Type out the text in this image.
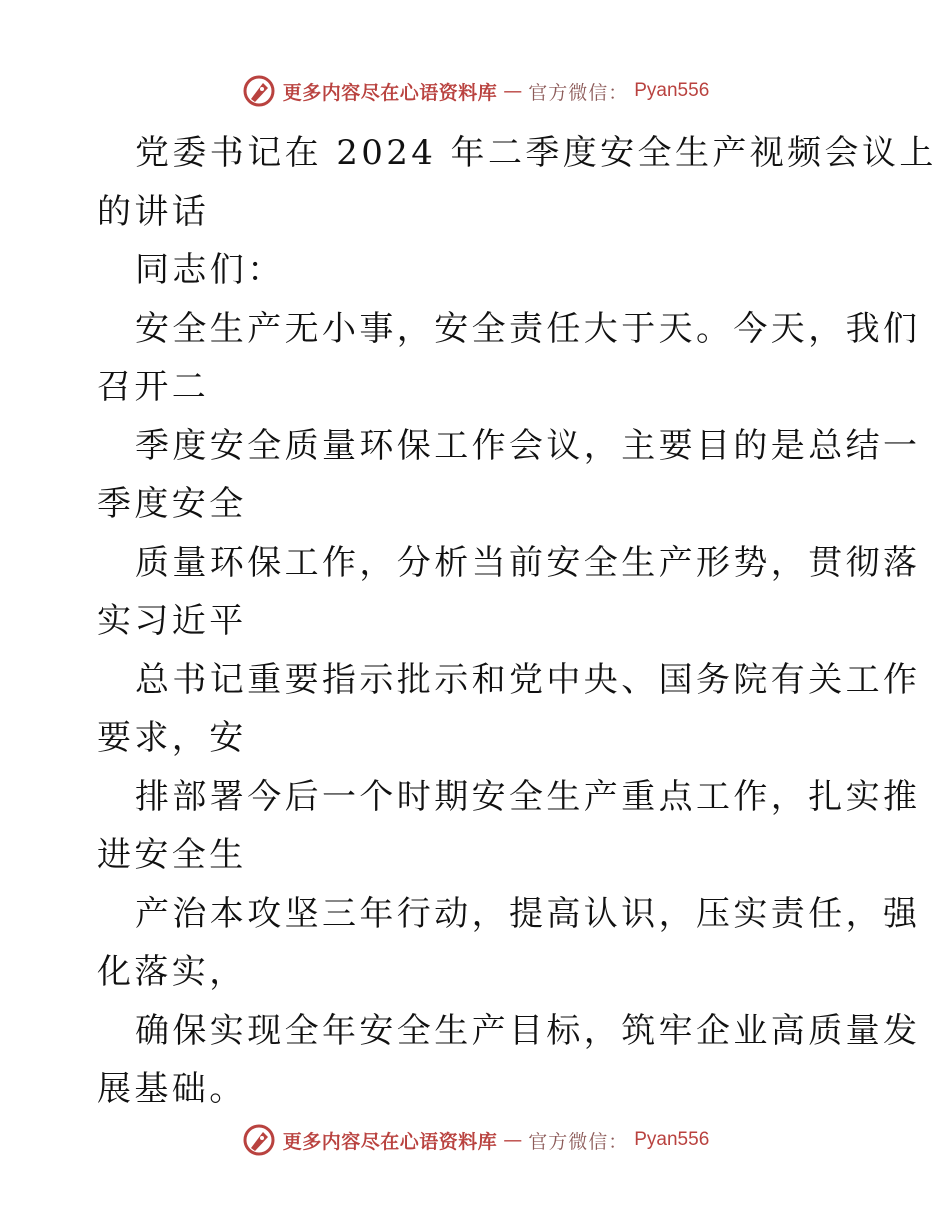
更多内容尽在心语资料库 — 官方微信： Pyan556
党委书记在 2024 年二季度安全生产视频会议上
的讲话
同志们：
安全生产无小事，安全责任大于天。今天，我们
召开二
季度安全质量环保工作会议，主要目的是总结一
季度安全
质量环保工作，分析当前安全生产形势，贯彻落
实习近平
总书记重要指示批示和党中央、国务院有关工作
要求，安
排部署今后一个时期安全生产重点工作，扎实推
进安全生
产治本攻坚三年行动，提高认识，压实责任，强
化落实，
确保实现全年安全生产目标，筑牢企业高质量发
展基础。
更多内容尽在心语资料库 — 官方微信： Pyan556
